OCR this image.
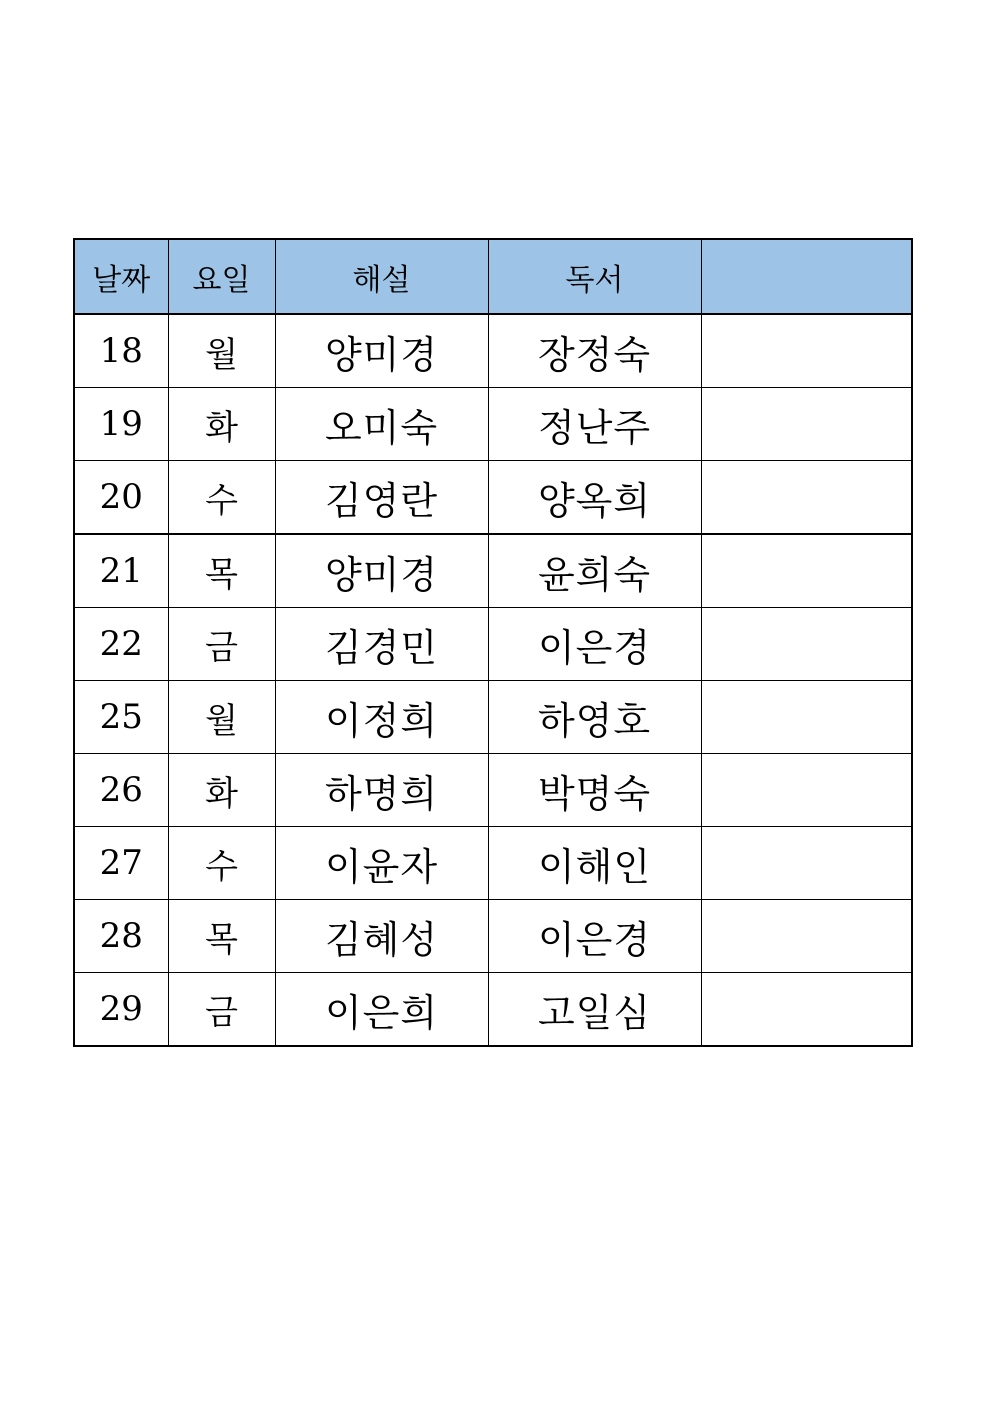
날짜	요일	해설	독서	
18	월	양미경	장정숙	
19	화	오미숙	정난주	
20	수	김영란	양옥희	
21	목	양미경	윤희숙	
22	금	김경민	이은경	
25	월	이정희	하영호	
26	화	하명희	박명숙	
27	수	이윤자	이해인	
28	목	김혜성	이은경	
29	금	이은희	고일심	
